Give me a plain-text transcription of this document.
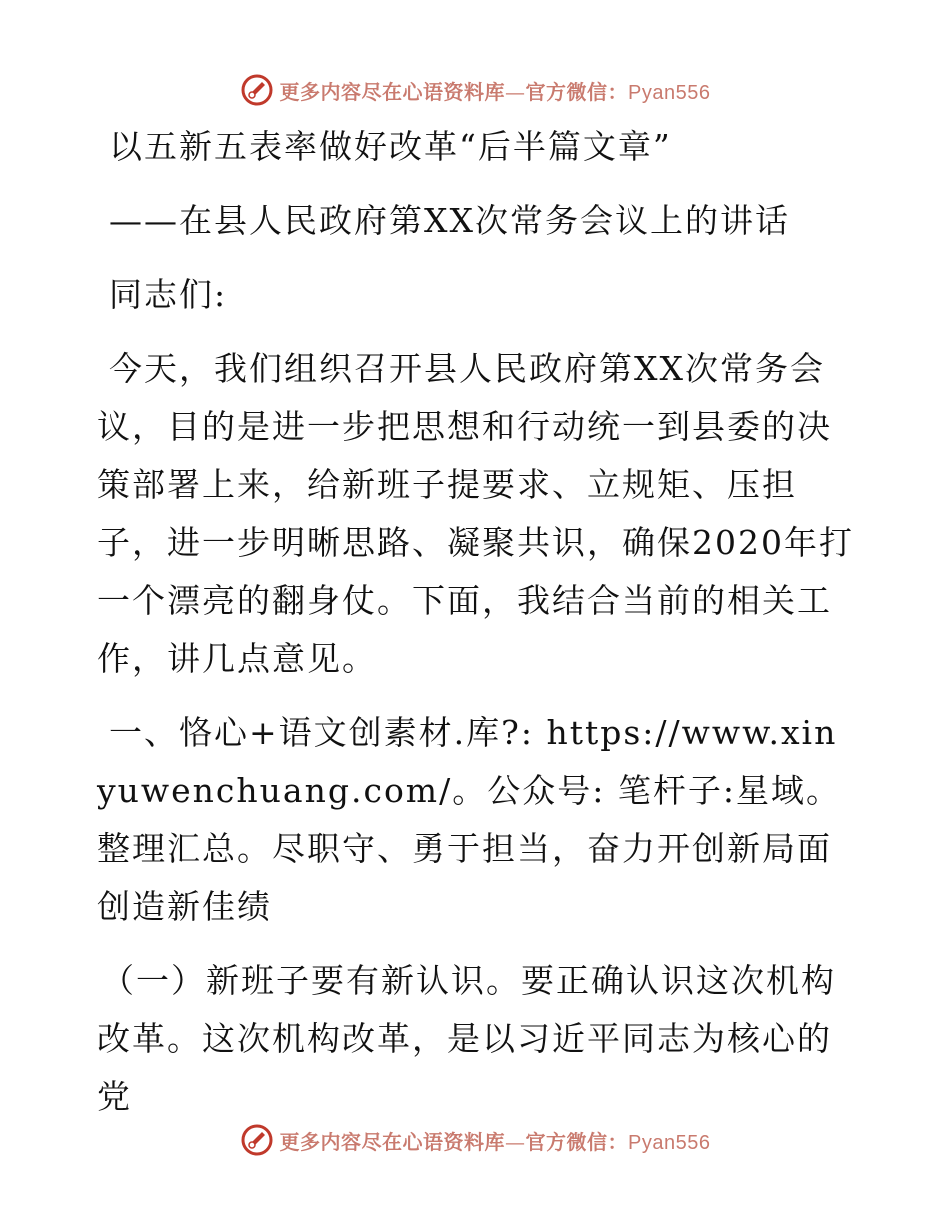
更多内容尽在心语资料库—官方微信：Pyan556

以五新五表率做好改革“后半篇文章”

——在县人民政府第XX次常务会议上的讲话

同志们:

今天，我们组织召开县人民政府第XX次常务会议，目的是进一步把思想和行动统一到县委的决策部署上来，给新班子提要求、立规矩、压担子，进一步明晰思路、凝聚共识，确保2020年打一个漂亮的翻身仗。下面，我结合当前的相关工作，讲几点意见。

一、恪心+语文创素材.库?: https://www.xinyuwenchuang.com/。公众号: 笔杆子:星域。整理汇总。尽职守、勇于担当，奋力开创新局面创造新佳绩

（一）新班子要有新认识。要正确认识这次机构改革。这次机构改革，是以习近平同志为核心的党

更多内容尽在心语资料库—官方微信：Pyan556
